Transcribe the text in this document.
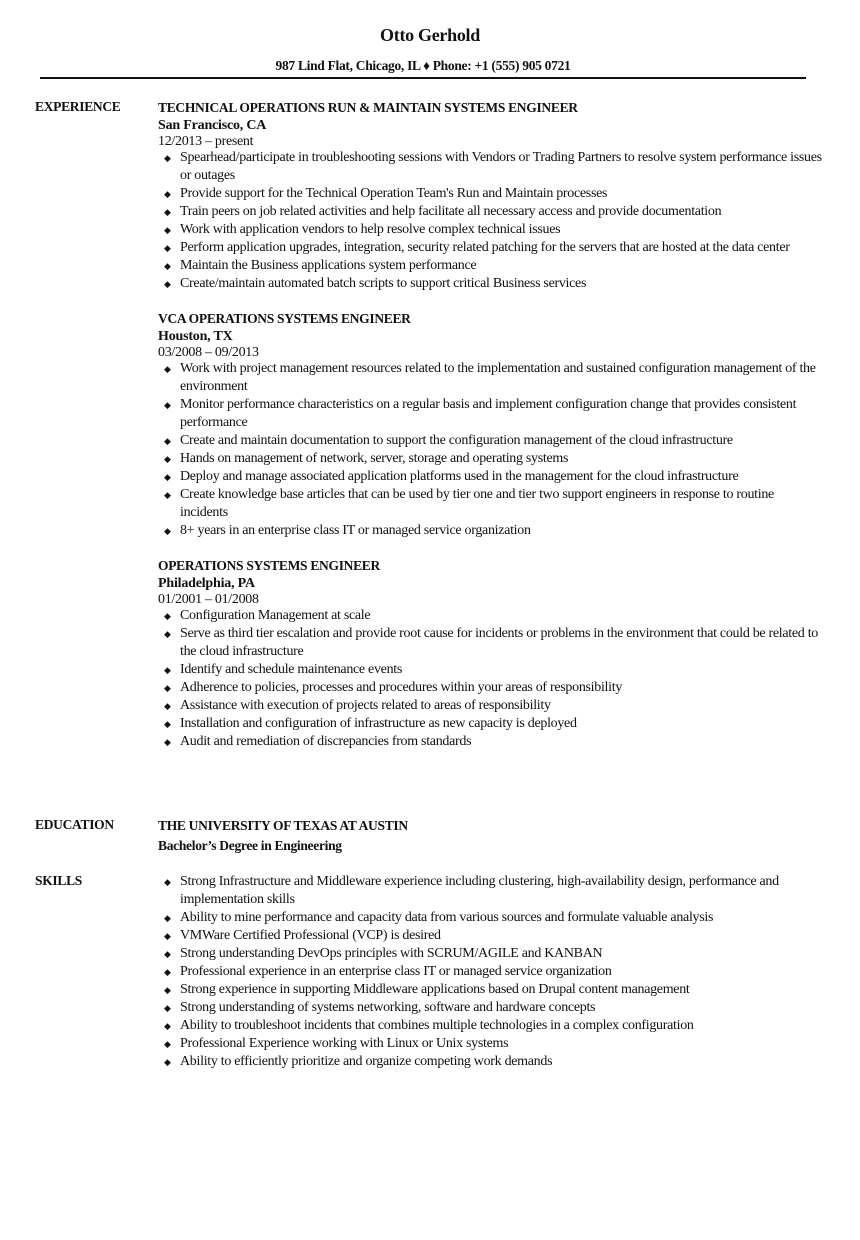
Otto Gerhold
987 Lind Flat, Chicago, IL ♦ Phone: +1 (555) 905 0721
EXPERIENCE	TECHNICAL OPERATIONS RUN & MAINTAIN SYSTEMS ENGINEER
San Francisco, CA
12/2013 – present
◆ Spearhead/participate in troubleshooting sessions with Vendors or Trading Partners to resolve system performance issues or outages
◆ Provide support for the Technical Operation Team's Run and Maintain processes
◆ Train peers on job related activities and help facilitate all necessary access and provide documentation
◆ Work with application vendors to help resolve complex technical issues
◆ Perform application upgrades, integration, security related patching for the servers that are hosted at the data center
◆ Maintain the Business applications system performance
◆ Create/maintain automated batch scripts to support critical Business services
VCA OPERATIONS SYSTEMS ENGINEER
Houston, TX
03/2008 – 09/2013
◆ Work with project management resources related to the implementation and sustained configuration management of the environment
◆ Monitor performance characteristics on a regular basis and implement configuration change that provides consistent performance
◆ Create and maintain documentation to support the configuration management of the cloud infrastructure
◆ Hands on management of network, server, storage and operating systems
◆ Deploy and manage associated application platforms used in the management for the cloud infrastructure
◆ Create knowledge base articles that can be used by tier one and tier two support engineers in response to routine incidents
◆ 8+ years in an enterprise class IT or managed service organization
OPERATIONS SYSTEMS ENGINEER
Philadelphia, PA
01/2001 – 01/2008
◆ Configuration Management at scale
◆ Serve as third tier escalation and provide root cause for incidents or problems in the environment that could be related to the cloud infrastructure
◆ Identify and schedule maintenance events
◆ Adherence to policies, processes and procedures within your areas of responsibility
◆ Assistance with execution of projects related to areas of responsibility
◆ Installation and configuration of infrastructure as new capacity is deployed
◆ Audit and remediation of discrepancies from standards
EDUCATION	THE UNIVERSITY OF TEXAS AT AUSTIN
Bachelor’s Degree in Engineering
SKILLS	◆ Strong Infrastructure and Middleware experience including clustering, high-availability design, performance and implementation skills
◆ Ability to mine performance and capacity data from various sources and formulate valuable analysis
◆ VMWare Certified Professional (VCP) is desired
◆ Strong understanding DevOps principles with SCRUM/AGILE and KANBAN
◆ Professional experience in an enterprise class IT or managed service organization
◆ Strong experience in supporting Middleware applications based on Drupal content management
◆ Strong understanding of systems networking, software and hardware concepts
◆ Ability to troubleshoot incidents that combines multiple technologies in a complex configuration
◆ Professional Experience working with Linux or Unix systems
◆ Ability to efficiently prioritize and organize competing work demands
